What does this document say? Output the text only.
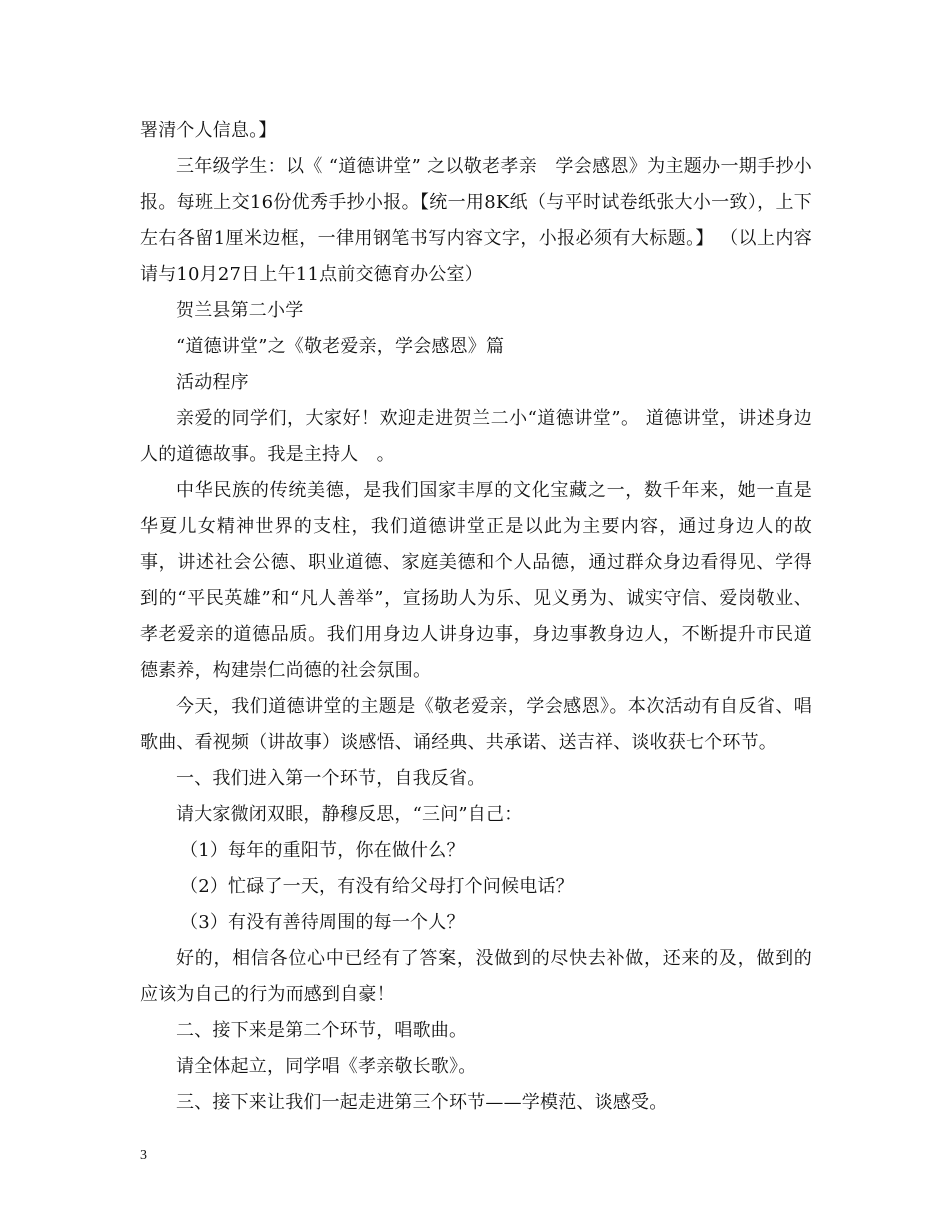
署清个人信息。】

三年级学生：以《 “道德讲堂” 之以敬老孝亲　学会感恩》为主题办一期手抄小报。每班上交16份优秀手抄小报。【统一用8K纸（与平时试卷纸张大小一致），上下左右各留1厘米边框，一律用钢笔书写内容文字，小报必须有大标题。】 （以上内容请与10月27日上午11点前交德育办公室）

贺兰县第二小学

“道德讲堂”之《敬老爱亲，学会感恩》篇

活动程序

亲爱的同学们，大家好！欢迎走进贺兰二小“道德讲堂”。 道德讲堂，讲述身边人的道德故事。我是主持人　。

中华民族的传统美德，是我们国家丰厚的文化宝藏之一，数千年来，她一直是华夏儿女精神世界的支柱，我们道德讲堂正是以此为主要内容，通过身边人的故事，讲述社会公德、职业道德、家庭美德和个人品德，通过群众身边看得见、学得到的“平民英雄”和“凡人善举”，宣扬助人为乐、见义勇为、诚实守信、爱岗敬业、孝老爱亲的道德品质。我们用身边人讲身边事，身边事教身边人，不断提升市民道德素养，构建崇仁尚德的社会氛围。

今天，我们道德讲堂的主题是《敬老爱亲，学会感恩》。本次活动有自反省、唱歌曲、看视频（讲故事）谈感悟、诵经典、共承诺、送吉祥、谈收获七个环节。

一、我们进入第一个环节，自我反省。

请大家微闭双眼，静穆反思，“三问”自己：

（1）每年的重阳节，你在做什么？

（2）忙碌了一天，有没有给父母打个问候电话？

（3）有没有善待周围的每一个人？

好的，相信各位心中已经有了答案，没做到的尽快去补做，还来的及，做到的应该为自己的行为而感到自豪！

二、接下来是第二个环节，唱歌曲。

请全体起立，同学唱《孝亲敬长歌》。

三、接下来让我们一起走进第三个环节——学模范、谈感受。

3
